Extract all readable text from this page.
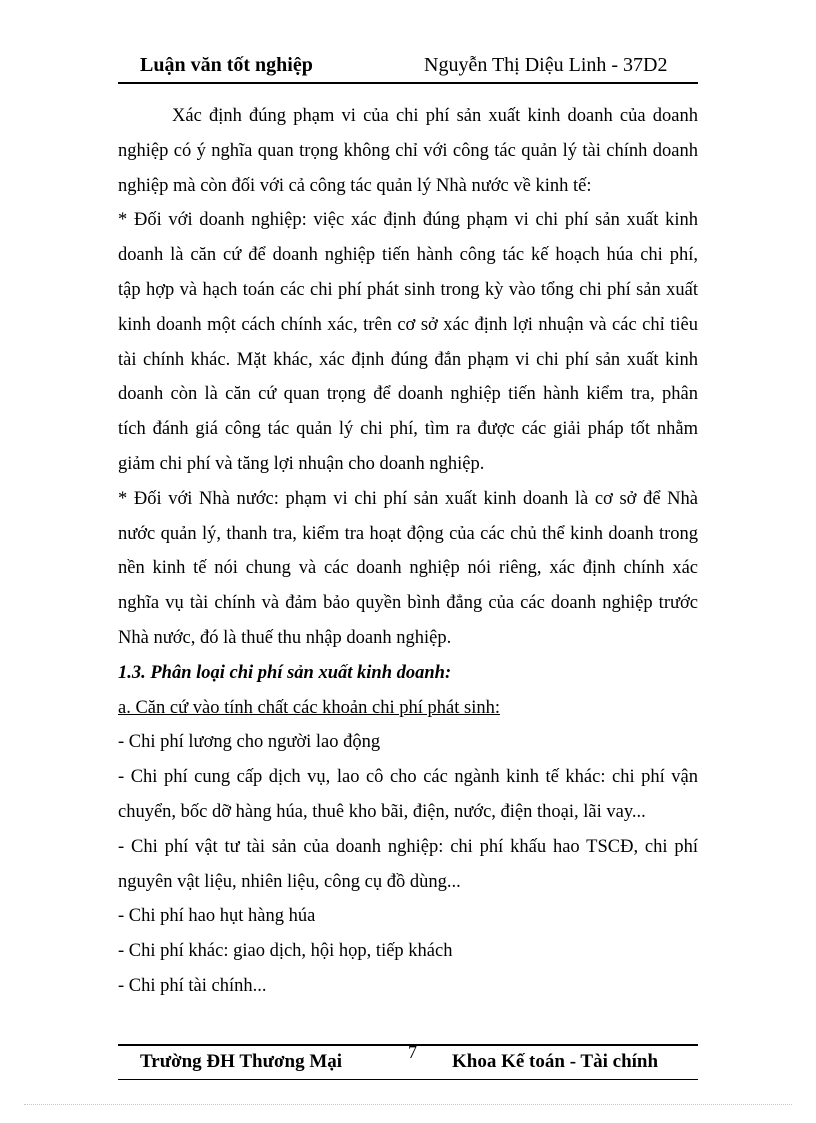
Luận văn tốt nghiệp	Nguyễn Thị Diệu Linh - 37D2
Xác định đúng phạm vi của chi phí sản xuất kinh doanh của doanh
nghiệp có ý nghĩa quan trọng không chỉ với công tác quản lý tài chính doanh
nghiệp mà còn đối với cả công tác quản lý Nhà nước về kinh tế:
* Đối với doanh nghiệp: việc xác định đúng phạm vi chi phí sản xuất kinh
doanh là căn cứ để doanh nghiệp tiến hành công tác kế hoạch húa chi phí,
tập hợp và hạch toán các chi phí phát sinh trong kỳ vào tổng chi phí sản xuất
kinh doanh một cách chính xác, trên cơ sở xác định lợi nhuận và các chỉ tiêu
tài chính khác. Mặt khác, xác định đúng đắn phạm vi chi phí sản xuất kinh
doanh còn là căn cứ quan trọng để doanh nghiệp tiến hành kiểm tra, phân
tích đánh giá công tác quản lý chi phí, tìm ra được các giải pháp tốt nhằm
giảm chi phí và tăng lợi nhuận cho doanh nghiệp.
* Đối với Nhà nước: phạm vi chi phí sản xuất kinh doanh là cơ sở để Nhà
nước quản lý, thanh tra, kiểm tra hoạt động của các chủ thể kinh doanh trong
nền kinh tế nói chung và các doanh nghiệp nói riêng, xác định chính xác
nghĩa vụ tài chính và đảm bảo quyền bình đẳng của các doanh nghiệp trước
Nhà nước, đó là thuế thu nhập doanh nghiệp.
1.3. Phân loại chi phí sản xuất kinh doanh:
a. Căn cứ vào tính chất các khoản chi phí phát sinh:
- Chi phí lương cho người lao động
- Chi phí cung cấp dịch vụ, lao cô cho các ngành kinh tế khác: chi phí vận
chuyển, bốc dỡ hàng húa, thuê kho bãi, điện, nước, điện thoại, lãi vay...
- Chi phí vật tư tài sản của doanh nghiệp: chi phí khấu hao TSCĐ, chi phí
nguyên vật liệu, nhiên liệu, công cụ đồ dùng...
- Chi phí hao hụt hàng húa
- Chi phí khác: giao dịch, hội họp, tiếp khách
- Chi phí tài chính...
Trường ĐH Thương Mại	7 Khoa Kế toán - Tài chính
